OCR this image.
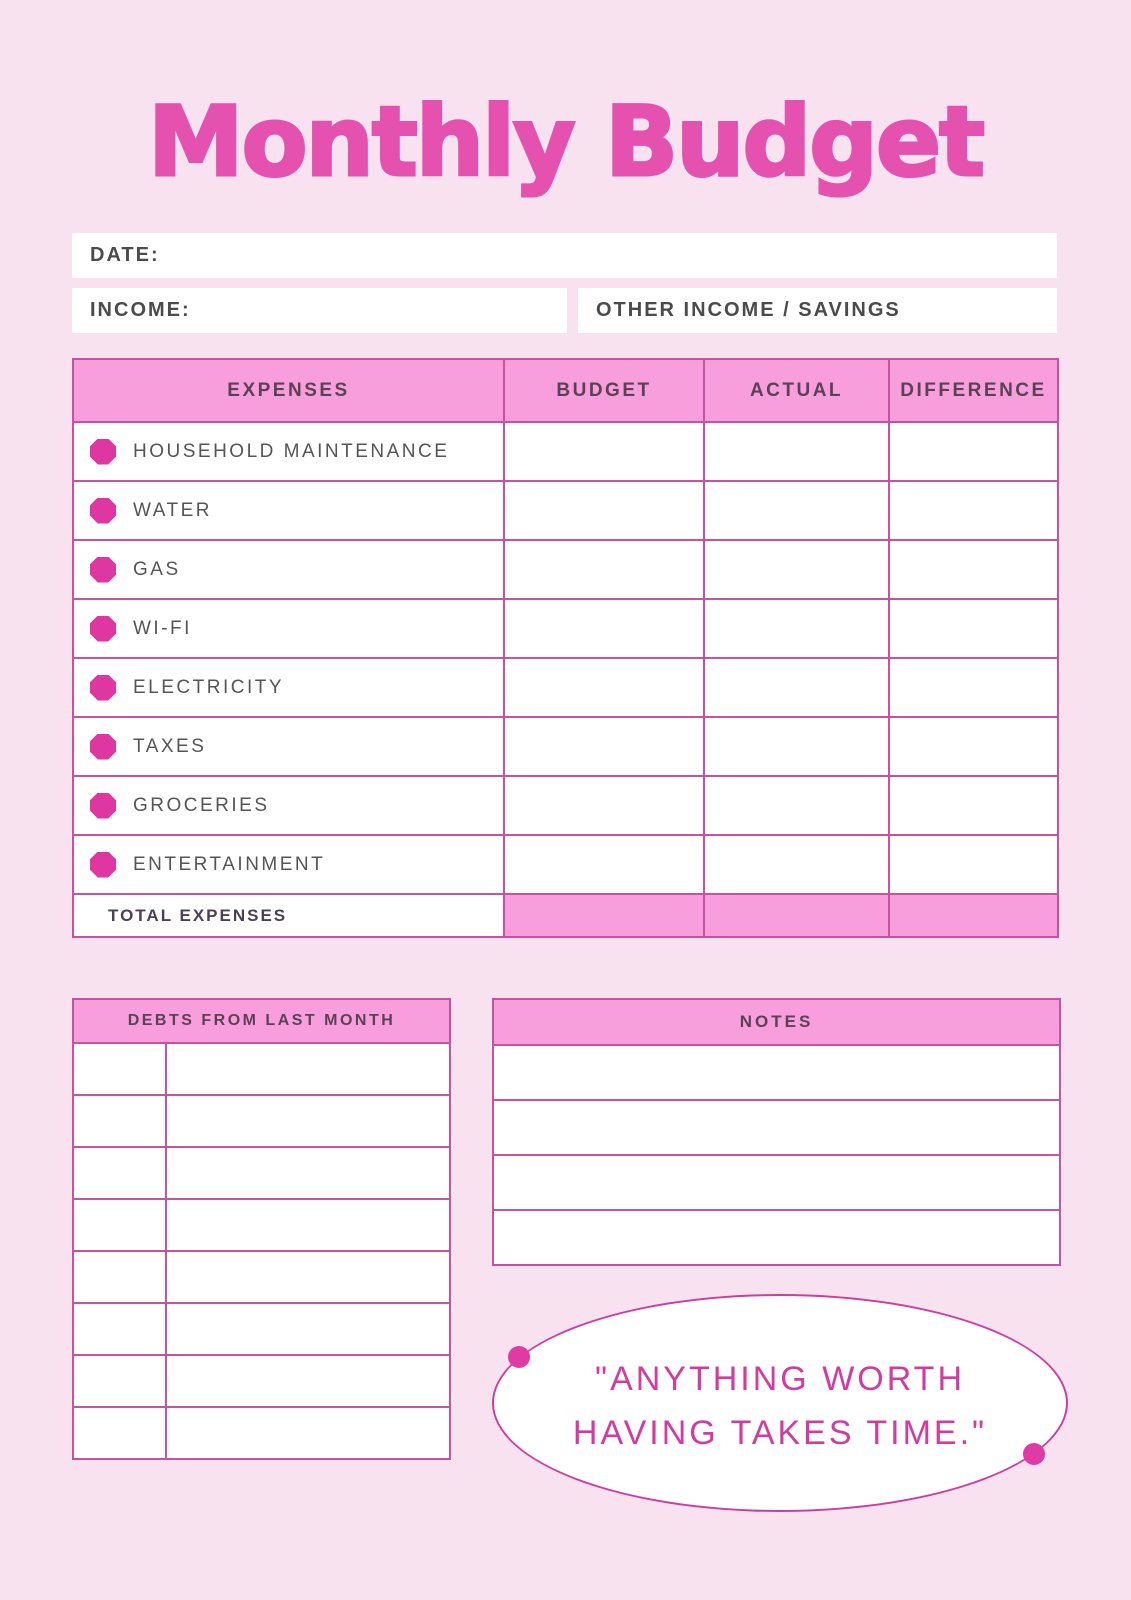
Monthly Budget
DATE:
INCOME:	OTHER INCOME / SAVINGS
EXPENSES	BUDGET	ACTUAL	DIFFERENCE
HOUSEHOLD MAINTENANCE			
WATER			
GAS			
WI-FI			
ELECTRICITY			
TAXES			
GROCERIES			
ENTERTAINMENT			
TOTAL EXPENSES			
DEBTS FROM LAST MONTH	

		NOTES
"ANYTHING WORTH
HAVING TAKES TIME."
